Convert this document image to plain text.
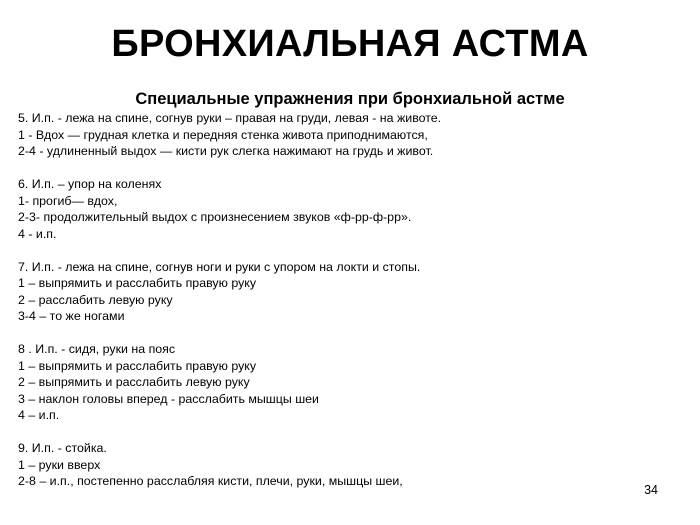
БРОНХИАЛЬНАЯ АСТМА
Специальные упражнения при бронхиальной астме
5. И.п. - лежа на спине, согнув руки – правая на груди, левая - на животе.
1 - Вдох — грудная клетка и передняя стенка живота приподнимаются,
2-4 - удлиненный выдох — кисти рук слегка нажимают на грудь и живот.
6. И.п. – упор на коленях
1- прогиб— вдох,
2-3- продолжительный выдох с произнесением звуков «ф-рр-ф-рр».
4 - и.п.
7. И.п. - лежа на спине, согнув ноги и руки с упором на локти и стопы.
1 – выпрямить и расслабить правую руку
2 – расслабить левую руку
3-4 – то же ногами
8 . И.п. - сидя, руки на пояс
1 – выпрямить и расслабить правую руку
2 – выпрямить и расслабить левую руку
3 – наклон головы вперед - расслабить мышцы шеи
4 – и.п.
9. И.п. - стойка.
1 – руки вверх
2-8 – и.п., постепенно расслабляя кисти, плечи, руки, мышцы шеи,
34
